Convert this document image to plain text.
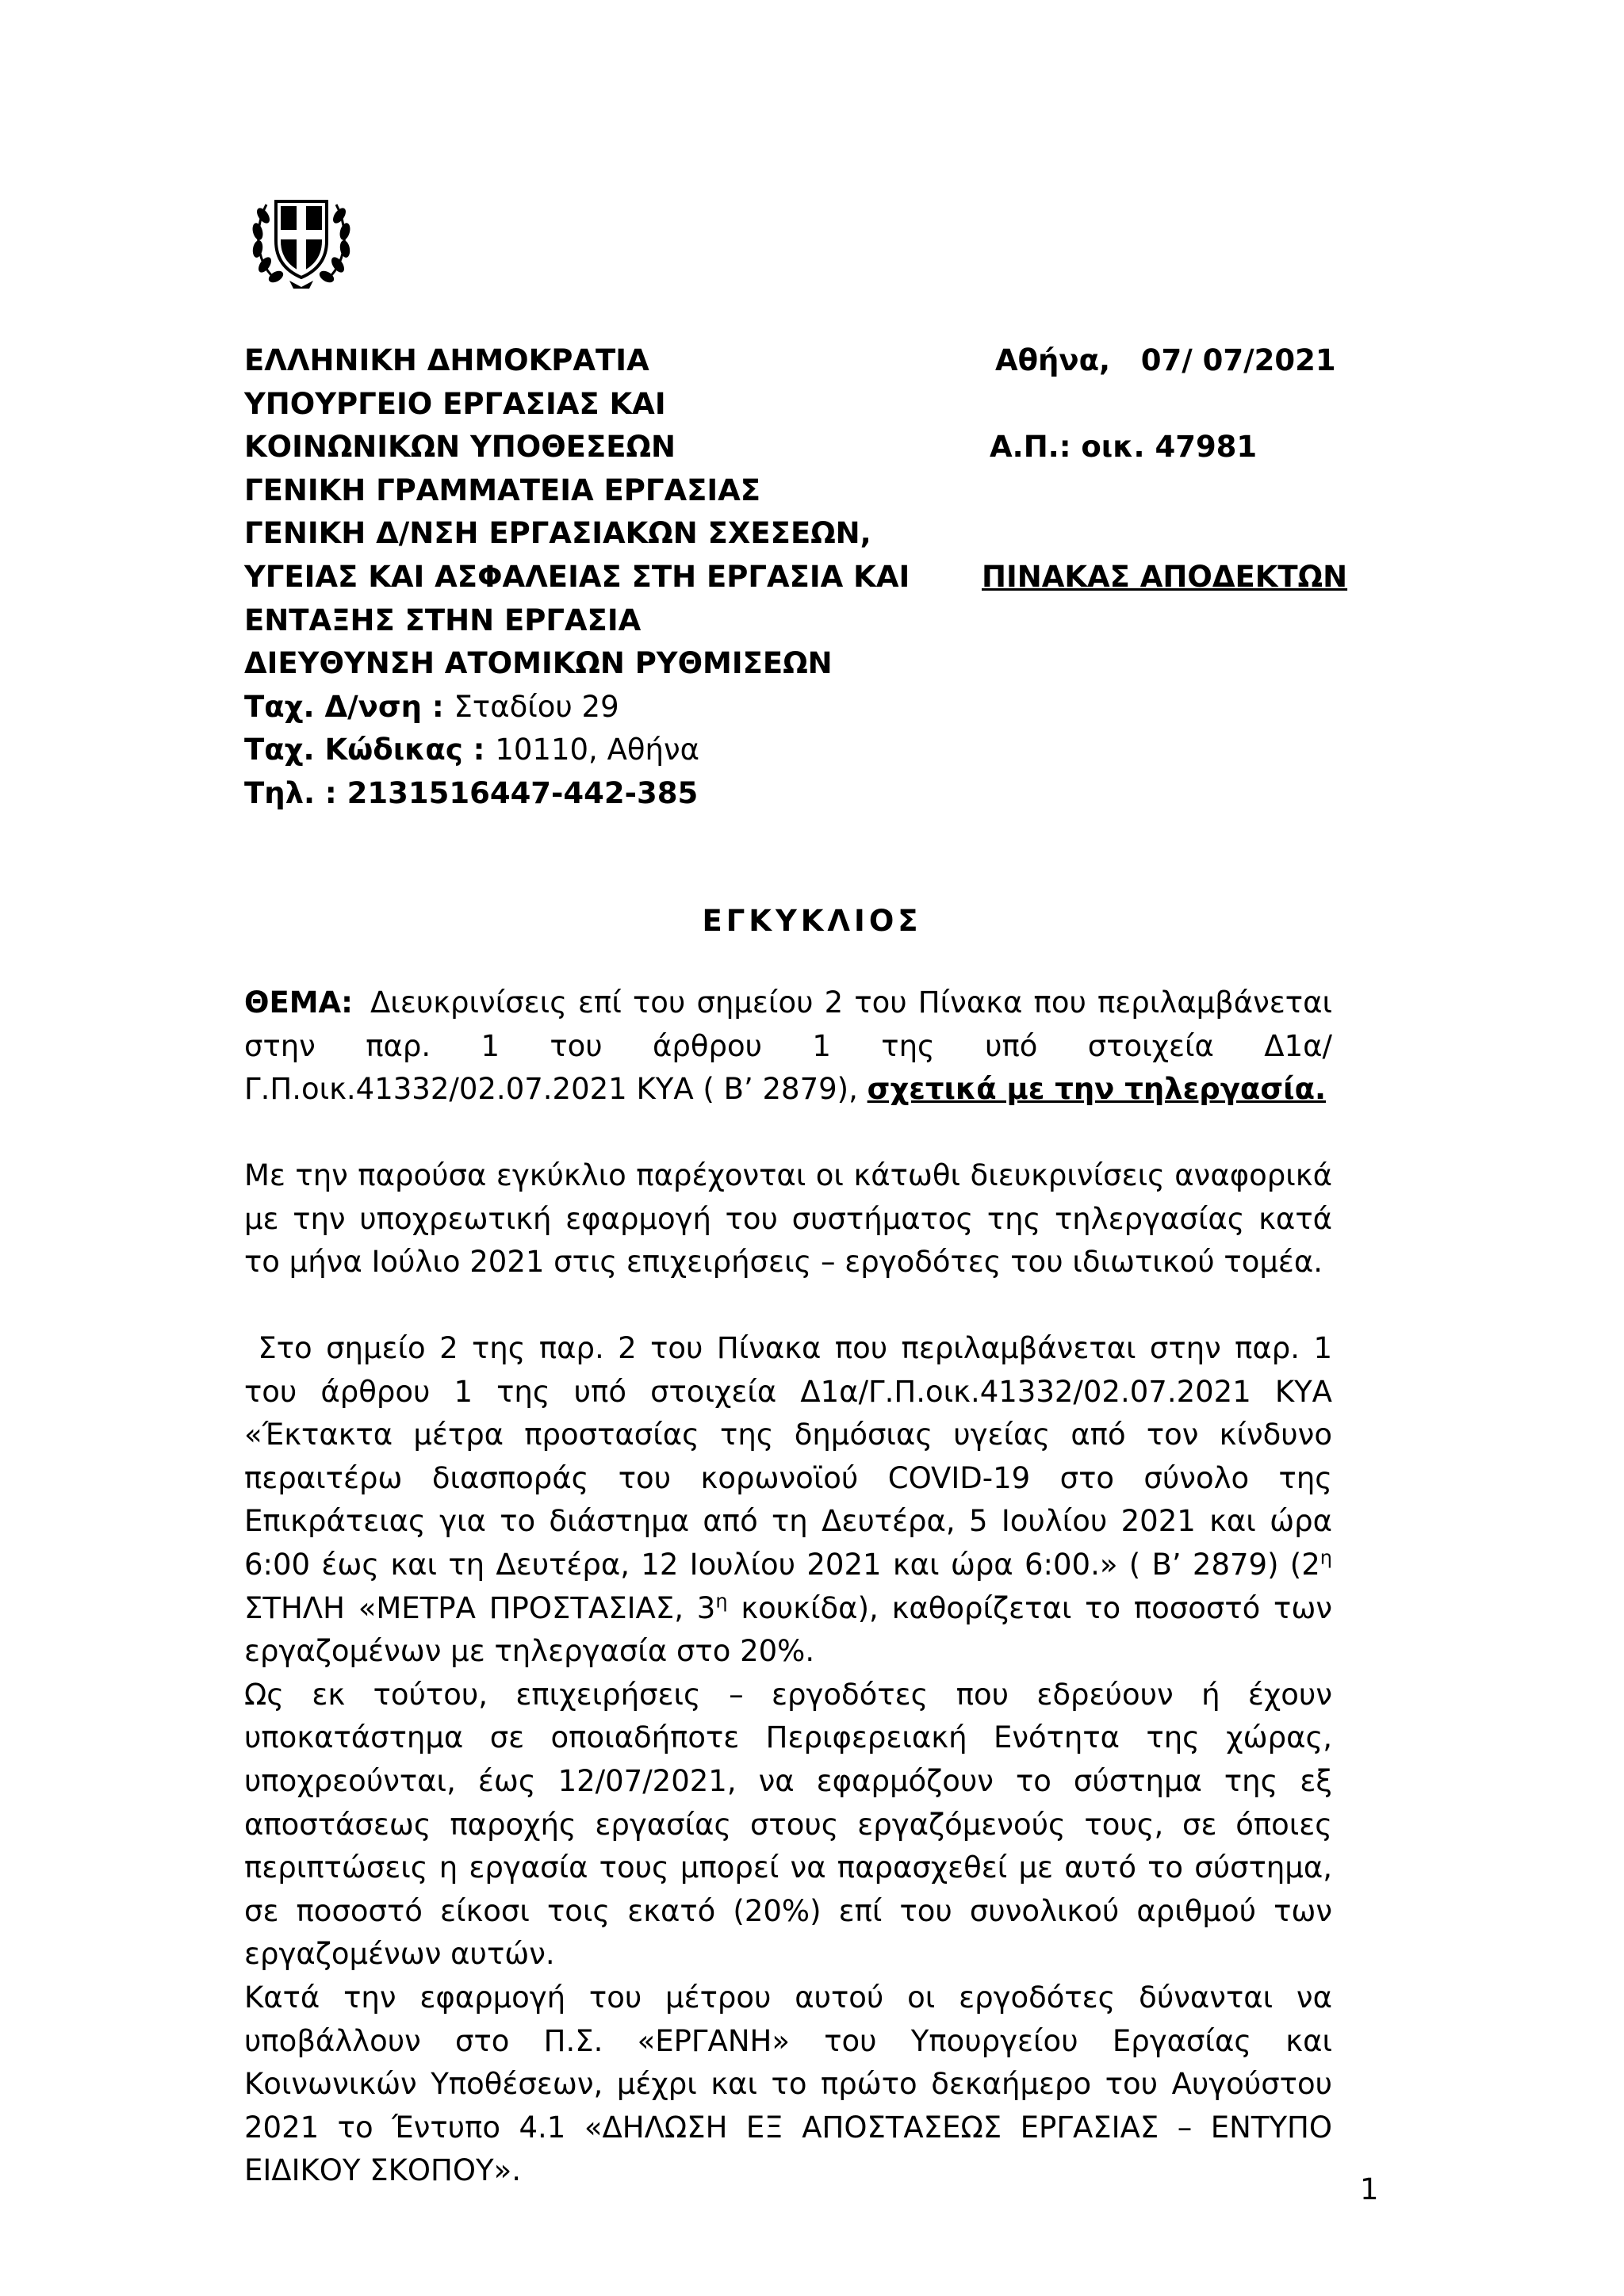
ΕΛΛΗΝΙΚΗ ΔΗΜΟΚΡΑΤΙΑ
ΥΠΟΥΡΓΕΙΟ ΕΡΓΑΣΙΑΣ ΚΑΙ
ΚΟΙΝΩΝΙΚΩΝ ΥΠΟΘΕΣΕΩΝ
ΓΕΝΙΚΗ ΓΡΑΜΜΑΤΕΙΑ ΕΡΓΑΣΙΑΣ
ΓΕΝΙΚΗ Δ/ΝΣΗ ΕΡΓΑΣΙΑΚΩΝ ΣΧΕΣΕΩΝ,
ΥΓΕΙΑΣ ΚΑΙ ΑΣΦΑΛΕΙΑΣ ΣΤΗ ΕΡΓΑΣΙΑ ΚΑΙ
ΕΝΤΑΞΗΣ ΣΤΗΝ ΕΡΓΑΣΙΑ
ΔΙΕΥΘΥΝΣΗ ΑΤΟΜΙΚΩΝ ΡΥΘΜΙΣΕΩΝ
Ταχ. Δ/νση : Σταδίου 29
Ταχ. Κώδικας : 10110, Αθήνα
Τηλ. : 2131516447-442-385
Αθήνα,   07/ 07/2021
Α.Π.: οικ. 47981
ΠΙΝΑΚΑΣ ΑΠΟΔΕΚΤΩΝ
ΕΓΚΥΚΛΙΟΣ
ΘΕΜΑ: Διευκρινίσεις επί του σημείου 2 του Πίνακα που περιλαμβάνεται στην παρ. 1 του άρθρου 1 της υπό στοιχεία Δ1α/Γ.Π.οικ.41332/02.07.2021 ΚΥΑ ( Β’ 2879), σχετικά με την τηλεργασία.
Με την παρούσα εγκύκλιο παρέχονται οι κάτωθι διευκρινίσεις αναφορικά με την υποχρεωτική εφαρμογή του συστήματος της τηλεργασίας κατά το μήνα Ιούλιο 2021 στις επιχειρήσεις – εργοδότες του ιδιωτικού τομέα.
Στο σημείο 2 της παρ. 2 του Πίνακα που περιλαμβάνεται στην παρ. 1 του άρθρου 1 της υπό στοιχεία Δ1α/Γ.Π.οικ.41332/02.07.2021 ΚΥΑ «Έκτακτα μέτρα προστασίας της δημόσιας υγείας από τον κίνδυνο περαιτέρω διασποράς του κορωνοϊού COVID-19 στο σύνολο της Επικράτειας για το διάστημα από τη Δευτέρα, 5 Ιουλίου 2021 και ώρα 6:00 έως και τη Δευτέρα, 12 Ιουλίου 2021 και ώρα 6:00.» ( Β’ 2879) ($2^\eta$ ΣΤΗΛΗ «ΜΕΤΡΑ ΠΡΟΣΤΑΣΙΑΣ, $3^\eta$ κουκίδα), καθορίζεται το ποσοστό των εργαζομένων με τηλεργασία στο 20%.
Ως εκ τούτου, επιχειρήσεις – εργοδότες που εδρεύουν ή έχουν υποκατάστημα σε οποιαδήποτε Περιφερειακή Ενότητα της χώρας, υποχρεούνται, έως 12/07/2021, να εφαρμόζουν το σύστημα της εξ αποστάσεως παροχής εργασίας στους εργαζόμενούς τους, σε όποιες περιπτώσεις η εργασία τους μπορεί να παρασχεθεί με αυτό το σύστημα, σε ποσοστό είκοσι τοις εκατό (20%) επί του συνολικού αριθμού των εργαζομένων αυτών.
Κατά την εφαρμογή του μέτρου αυτού οι εργοδότες δύνανται να υποβάλλουν στο Π.Σ. «ΕΡΓΑΝΗ» του Υπουργείου Εργασίας και Κοινωνικών Υποθέσεων, μέχρι και το πρώτο δεκαήμερο του Αυγούστου 2021 το Έντυπο 4.1 «ΔΗΛΩΣΗ ΕΞ ΑΠΟΣΤΑΣΕΩΣ ΕΡΓΑΣΙΑΣ – ΕΝΤΥΠΟ ΕΙΔΙΚΟΥ ΣΚΟΠΟΥ».
1
